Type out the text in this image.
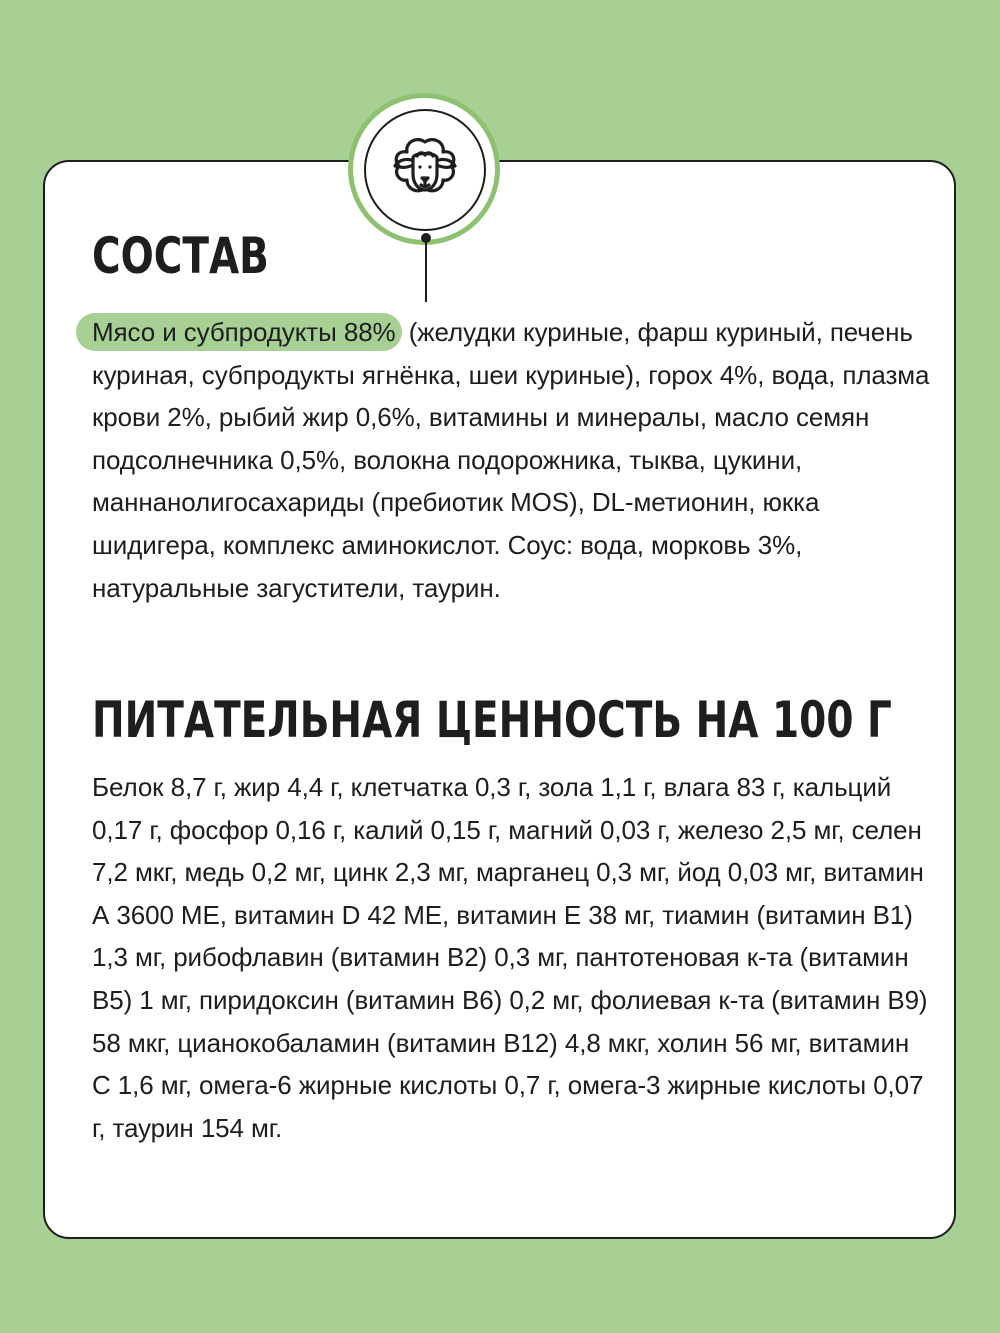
СОСТАВ

Мясо и субпродукты 88% (желудки куриные, фарш куриный, печень куриная, субпродукты ягнёнка, шеи куриные), горох 4%, вода, плазма крови 2%, рыбий жир 0,6%, витамины и минералы, масло семян подсолнечника 0,5%, волокна подорожника, тыква, цукини, маннанолигосахариды (пребиотик MOS), DL-метионин, юкка шидигера, комплекс аминокислот. Соус: вода, морковь 3%, натуральные загустители, таурин.

ПИТАТЕЛЬНАЯ ЦЕННОСТЬ НА 100 Г

Белок 8,7 г, жир 4,4 г, клетчатка 0,3 г, зола 1,1 г, влага 83 г, кальций 0,17 г, фосфор 0,16 г, калий 0,15 г, магний 0,03 г, железо 2,5 мг, селен 7,2 мкг, медь 0,2 мг, цинк 2,3 мг, марганец 0,3 мг, йод 0,03 мг, витамин А 3600 МЕ, витамин D 42 МЕ, витамин Е 38 мг, тиамин (витамин В1) 1,3 мг, рибофлавин (витамин В2) 0,3 мг, пантотеновая к-та (витамин В5) 1 мг, пиридоксин (витамин В6) 0,2 мг, фолиевая к-та (витамин В9) 58 мкг, цианокобаламин (витамин В12) 4,8 мкг, холин 56 мг, витамин С 1,6 мг, омега-6 жирные кислоты 0,7 г, омега-3 жирные кислоты 0,07 г, таурин 154 мг.
